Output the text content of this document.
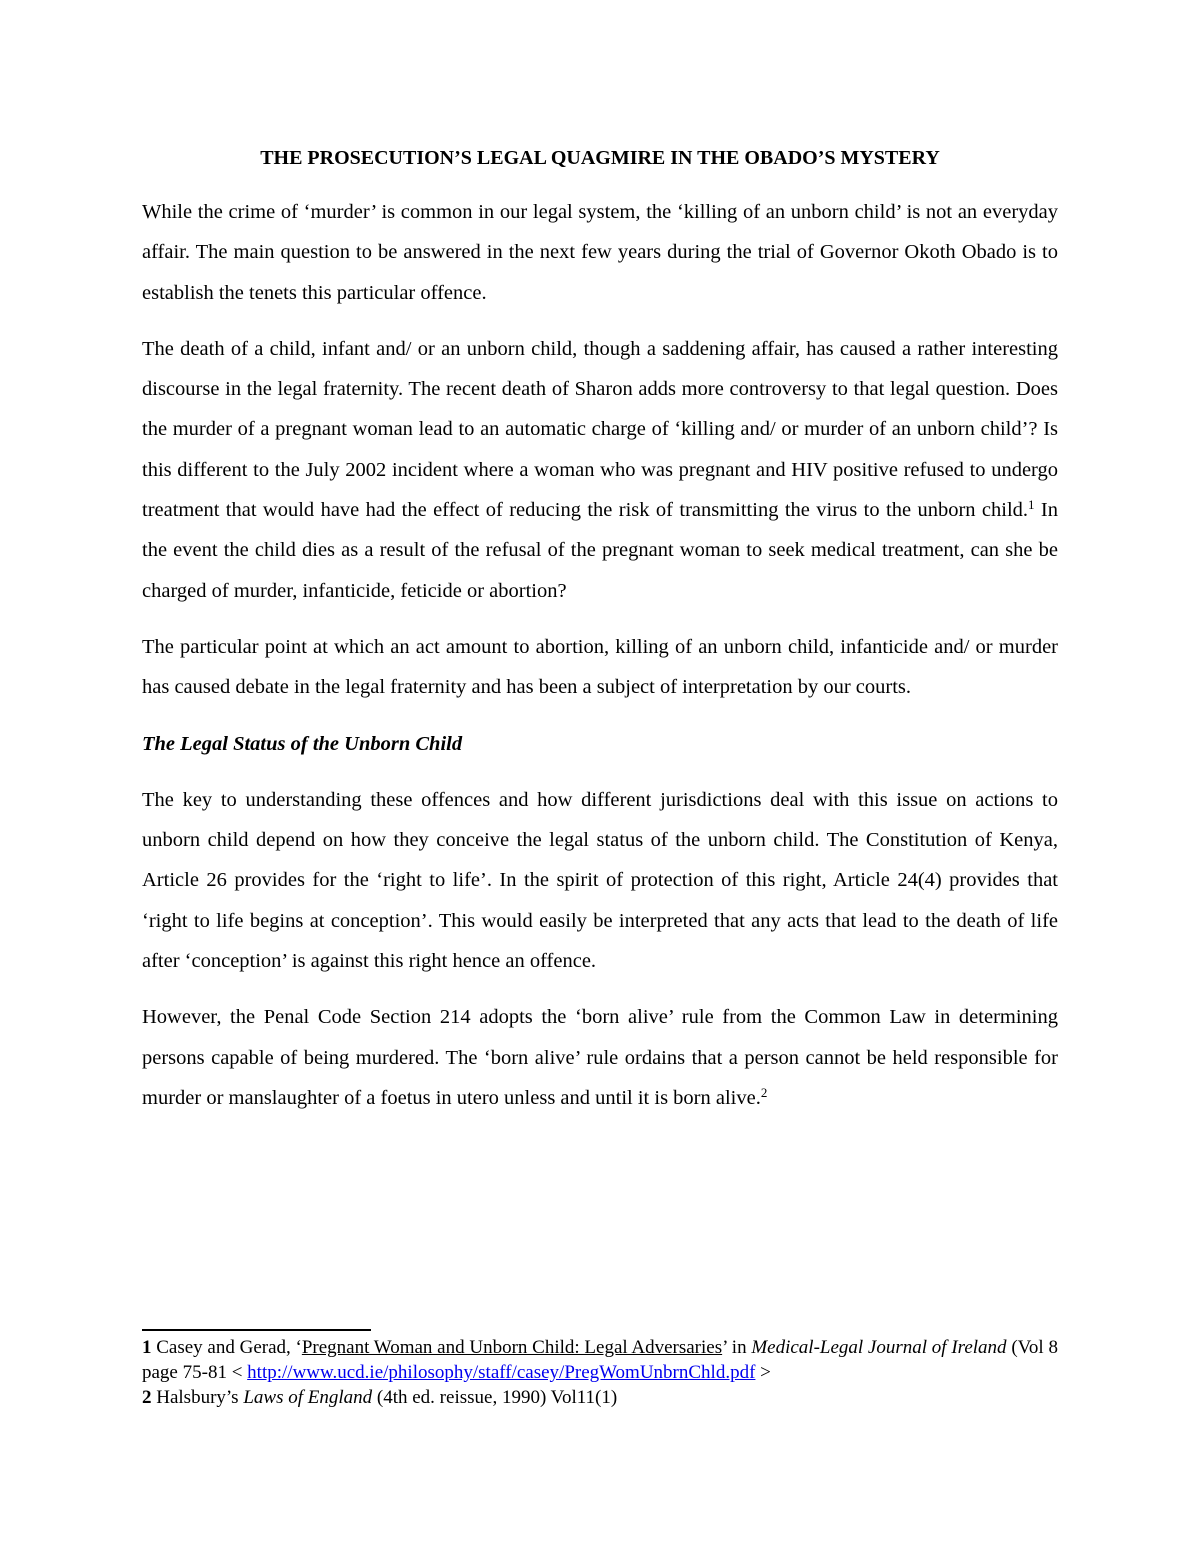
THE PROSECUTION’S LEGAL QUAGMIRE IN THE OBADO’S MYSTERY

While the crime of ‘murder’ is common in our legal system, the ‘killing of an unborn child’ is not an everyday affair. The main question to be answered in the next few years during the trial of Governor Okoth Obado is to establish the tenets this particular offence.

The death of a child, infant and/ or an unborn child, though a saddening affair, has caused a rather interesting discourse in the legal fraternity. The recent death of Sharon adds more controversy to that legal question. Does the murder of a pregnant woman lead to an automatic charge of ‘killing and/ or murder of an unborn child’? Is this different to the July 2002 incident where a woman who was pregnant and HIV positive refused to undergo treatment that would have had the effect of reducing the risk of transmitting the virus to the unborn child.$^1$ In the event the child dies as a result of the refusal of the pregnant woman to seek medical treatment, can she be charged of murder, infanticide, feticide or abortion?

The particular point at which an act amount to abortion, killing of an unborn child, infanticide and/ or murder has caused debate in the legal fraternity and has been a subject of interpretation by our courts.

The Legal Status of the Unborn Child

The key to understanding these offences and how different jurisdictions deal with this issue on actions to unborn child depend on how they conceive the legal status of the unborn child. The Constitution of Kenya, Article 26 provides for the ‘right to life’. In the spirit of protection of this right, Article 24(4) provides that ‘right to life begins at conception’. This would easily be interpreted that any acts that lead to the death of life after ‘conception’ is against this right hence an offence.

However, the Penal Code Section 214 adopts the ‘born alive’ rule from the Common Law in determining persons capable of being murdered. The ‘born alive’ rule ordains that a person cannot be held responsible for murder or manslaughter of a foetus in utero unless and until it is born alive.$^2$

1 Casey and Gerad, ‘Pregnant Woman and Unborn Child: Legal Adversaries’ in Medical-Legal Journal of Ireland (Vol 8 page 75-81 < http://www.ucd.ie/philosophy/staff/casey/PregWomUnbrnChld.pdf >

2 Halsbury’s Laws of England (4th ed. reissue, 1990) Vol11(1)
